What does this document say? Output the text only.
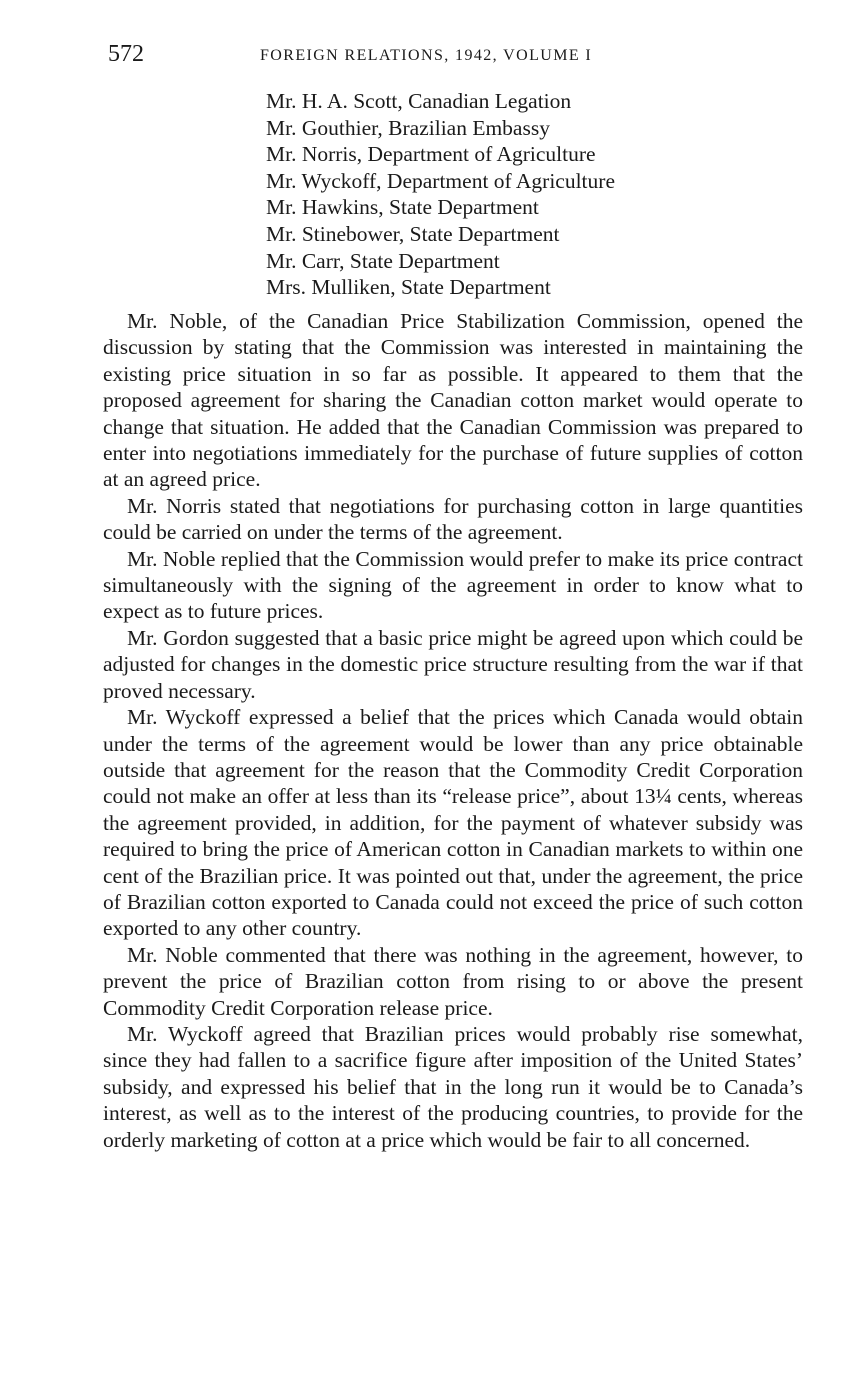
572	FOREIGN RELATIONS, 1942, VOLUME I
Mr. H. A. Scott, Canadian Legation
Mr. Gouthier, Brazilian Embassy
Mr. Norris, Department of Agriculture
Mr. Wyckoff, Department of Agriculture
Mr. Hawkins, State Department
Mr. Stinebower, State Department
Mr. Carr, State Department
Mrs. Mulliken, State Department

Mr. Noble, of the Canadian Price Stabilization Commission, opened the discussion by stating that the Commission was interested in maintaining the existing price situation in so far as possible. It appeared to them that the proposed agreement for sharing the Canadian cotton market would operate to change that situation. He added that the Canadian Commission was prepared to enter into negotiations immediately for the purchase of future supplies of cotton at an agreed price.

Mr. Norris stated that negotiations for purchasing cotton in large quantities could be carried on under the terms of the agreement.

Mr. Noble replied that the Commission would prefer to make its price contract simultaneously with the signing of the agreement in order to know what to expect as to future prices.

Mr. Gordon suggested that a basic price might be agreed upon which could be adjusted for changes in the domestic price structure resulting from the war if that proved necessary.

Mr. Wyckoff expressed a belief that the prices which Canada would obtain under the terms of the agreement would be lower than any price obtainable outside that agreement for the reason that the Commodity Credit Corporation could not make an offer at less than its “release price”, about 13¼ cents, whereas the agreement provided, in addition, for the payment of whatever subsidy was required to bring the price of American cotton in Canadian markets to within one cent of the Brazilian price. It was pointed out that, under the agreement, the price of Brazilian cotton exported to Canada could not exceed the price of such cotton exported to any other country.

Mr. Noble commented that there was nothing in the agreement, however, to prevent the price of Brazilian cotton from rising to or above the present Commodity Credit Corporation release price.

Mr. Wyckoff agreed that Brazilian prices would probably rise somewhat, since they had fallen to a sacrifice figure after imposition of the United States’ subsidy, and expressed his belief that in the long run it would be to Canada’s interest, as well as to the interest of the producing countries, to provide for the orderly marketing of cotton at a price which would be fair to all concerned.
